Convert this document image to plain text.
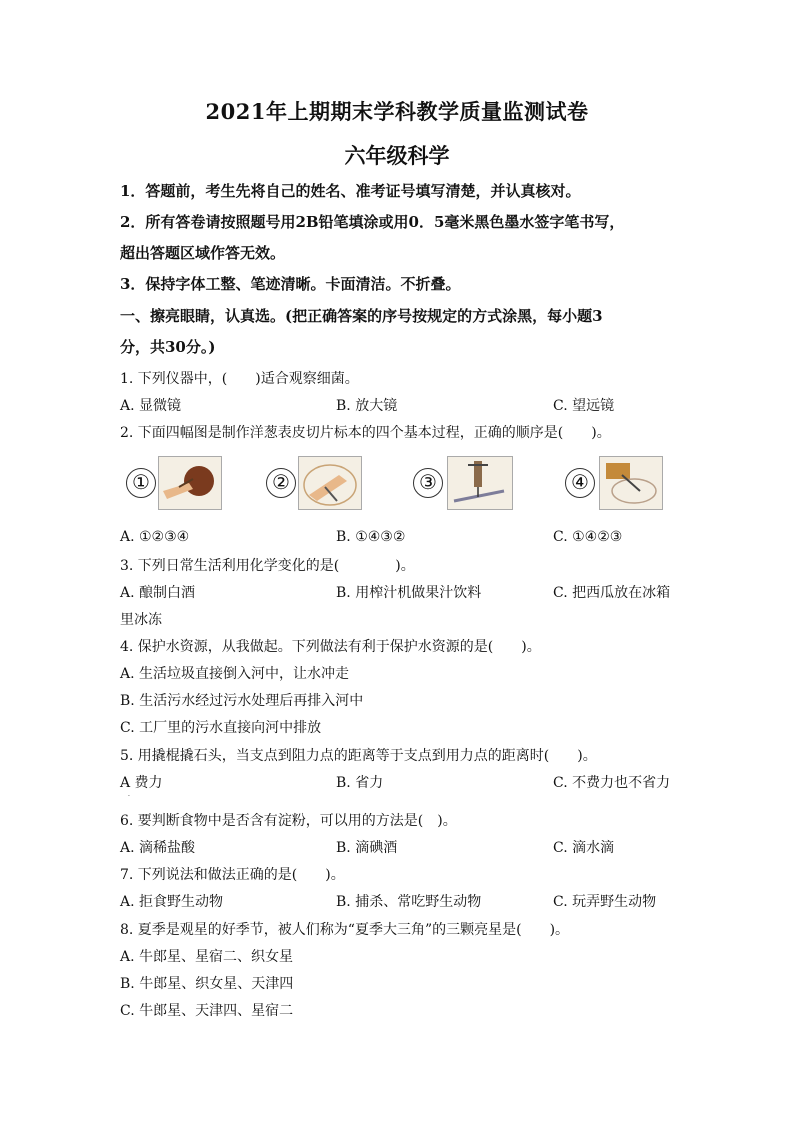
2021年上期期末学科教学质量监测试卷
六年级科学
1．答题前，考生先将自己的姓名、准考证号填写清楚，并认真核对。
2．所有答卷请按照题号用2B铅笔填涂或用0．5毫米黑色墨水签字笔书写，
超出答题区域作答无效。
3．保持字体工整、笔迹清晰。卡面清洁。不折叠。
一、擦亮眼睛，认真选。(把正确答案的序号按规定的方式涂黑，每小题3
分，共30分。)
1. 下列仪器中，(　　)适合观察细菌。
A. 显微镜	B. 放大镜	C. 望远镜
2. 下面四幅图是制作洋葱表皮切片标本的四个基本过程，正确的顺序是(　　)。
①	②	③	④
A. ①②③④	B. ①④③②	C. ①④②③
3. 下列日常生活利用化学变化的是(　　　　)。
A. 酿制白酒	B. 用榨汁机做果汁饮料	C. 把西瓜放在冰箱
里冰冻
4. 保护水资源，从我做起。下列做法有利于保护水资源的是(　　)。
A. 生活垃圾直接倒入河中，让水冲走
B. 生活污水经过污水处理后再排入河中
C. 工厂里的污水直接向河中排放
5. 用撬棍撬石头，当支点到阻力点的距离等于支点到用力点的距离时(　　)。
A 费力	B. 省力	C. 不费力也不省力
·
6. 要判断食物中是否含有淀粉，可以用的方法是(　)。
A. 滴稀盐酸	B. 滴碘酒	C. 滴水滴
7. 下列说法和做法正确的是(　　)。
A. 拒食野生动物	B. 捕杀、常吃野生动物	C. 玩弄野生动物
8. 夏季是观星的好季节，被人们称为“夏季大三角”的三颗亮星是(　　)。
A. 牛郎星、星宿二、织女星
B. 牛郎星、织女星、天津四
C. 牛郎星、天津四、星宿二
